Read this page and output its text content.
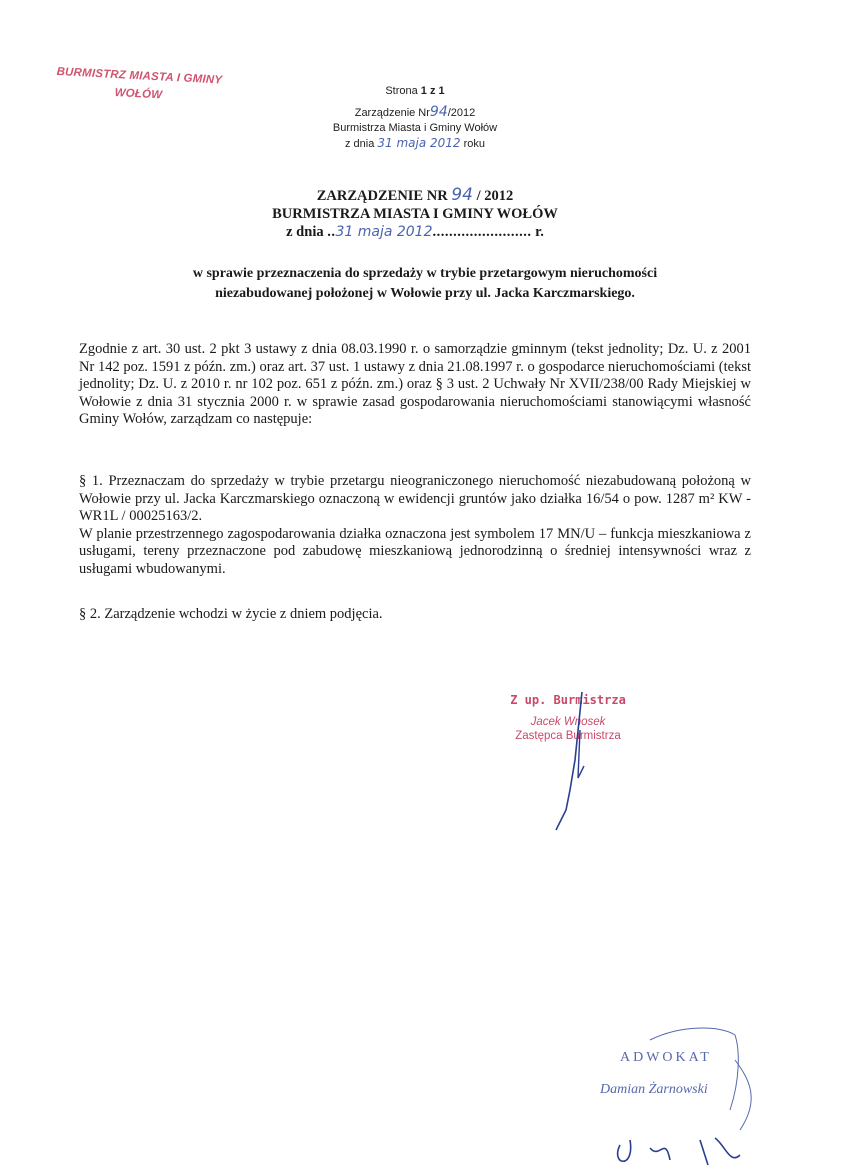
BURMISTRZ MIASTA I GMINY
WOŁÓW	Strona 1 z 1
Zarządzenie Nr94/2012
Burmistrza Miasta i Gminy Wołów
z dnia 31 maja 2012 roku
ZARZĄDZENIE NR 94 / 2012
BURMISTRZA MIASTA I GMINY WOŁÓW
z dnia ..31 maja 2012........................ r.
w sprawie przeznaczenia do sprzedaży w trybie przetargowym nieruchomości
niezabudowanej położonej w Wołowie przy ul. Jacka Karczmarskiego.

Zgodnie z art. 30 ust. 2 pkt 3 ustawy z dnia 08.03.1990 r. o samorządzie gminnym (tekst jednolity; Dz. U. z 2001 Nr 142 poz. 1591 z późn. zm.) oraz art. 37 ust. 1 ustawy z dnia 21.08.1997 r. o gospodarce nieruchomościami (tekst jednolity; Dz. U. z 2010 r. nr 102 poz. 651 z późn. zm.) oraz § 3 ust. 2 Uchwały Nr XVII/238/00 Rady Miejskiej w Wołowie z dnia 31 stycznia 2000 r. w sprawie zasad gospodarowania nieruchomościami stanowiącymi własność Gminy Wołów, zarządzam co następuje:

§ 1. Przeznaczam do sprzedaży w trybie przetargu nieograniczonego nieruchomość niezabudowaną położoną w Wołowie przy ul. Jacka Karczmarskiego oznaczoną w ewidencji gruntów jako działka 16/54 o pow. 1287 m² KW - WR1L / 00025163/2.

W planie przestrzennego zagospodarowania działka oznaczona jest symbolem 17 MN/U – funkcja mieszkaniowa z usługami, tereny przeznaczone pod zabudowę mieszkaniową jednorodzinną o średniej intensywności wraz z usługami wbudowanymi.

§ 2. Zarządzenie wchodzi w życie z dniem podjęcia.

Z up. Burmistrza
Jacek Wnosek
Zastępca Burmistrza
ADWOKAT
Damian Żarnowski
